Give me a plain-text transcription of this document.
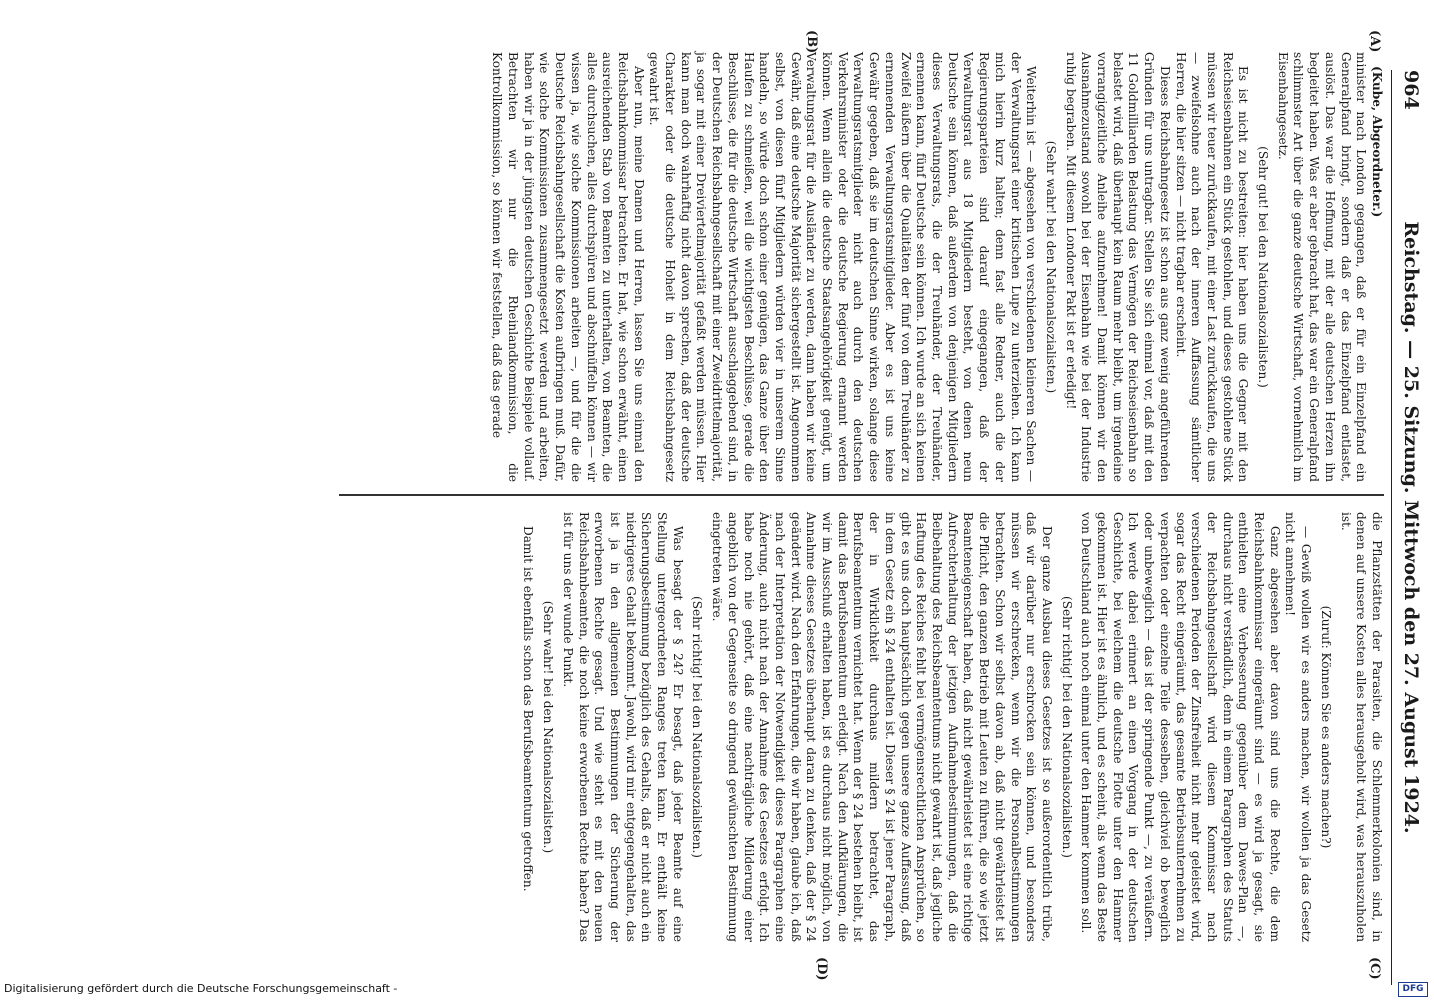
964
Reichstag. — 25. Sitzung. Mittwoch den 27. August 1924.
(A)
(B)
(C)
(D)

(Kube, Abgeordneter.)

minister nach London gegangen, daß er für ein Einzelpfand ein Generalpfand bringt, sondern daß er das Einzelpfand entlastet, auslöst. Das war die Hoffnung, mit der alle deutschen Herzen ihn begleitet haben. Was er aber gebracht hat, das war ein Generalpfand schlimmster Art über die ganze deutsche Wirtschaft, vornehmlich im Eisenbahngesetz.

(Sehr gut! bei den Nationalsozialisten.)

Es ist nicht zu bestreiten: hier haben uns die Gegner mit den Reichseisenbahnen ein Stück gestohlen, und dieses gestohlene Stück müssen wir teuer zurückkaufen, mit einer Last zurückkaufen, die uns — zweifelsohne auch nach der inneren Auffassung sämtlicher Herren, die hier sitzen — nicht tragbar erscheint.

Dieses Reichsbahngesetz ist schon aus ganz wenig angeführenden Gründen für uns untragbar. Stellen Sie sich einmal vor, daß mit den 11 Goldmilliarden Belastung das Vermögen der Reichseisenbahn so belastet wird, daß überhaupt kein Raum mehr bleibt, um irgendeine vorrangigzeitliche Anleihe aufzunehmen! Damit können wir den Ausnahmezustand sowohl bei der Eisenbahn wie bei der Industrie ruhig begraben. Mit diesem Londoner Pakt ist er erledigt!

(Sehr wahr! bei den Nationalsozialisten.)

Weiterhin ist — abgesehen von verschiedenen kleineren Sachen — der Verwaltungsrat einer kritischen Lupe zu unterziehen. Ich kann mich hierin kurz halten; denn fast alle Redner, auch die der Regierungsparteien sind darauf eingegangen, daß der Verwaltungsrat aus 18 Mitgliedern besteht, von denen neun Deutsche sein können, daß außerdem von denjenigen Mitgliedern dieses Verwaltungsrats, die der Treuhänder, der Treuhänder, ernennen kann, fünf Deutsche sein können. Ich wurde an sich keinen Zweifel äußern über die Qualitäten der fünf von dem Treuhänder zu ernennenden Verwaltungsratsmitglieder. Aber es ist uns keine Gewähr gegeben, daß sie im deutschen Sinne wirken, solange diese Verwaltungsratsmitglieder nicht auch durch den deutschen Verkehrsminister oder die deutsche Regierung ernannt werden können. Wenn allein die deutsche Staatsangehörigkeit genügt, um Verwaltungsrat für die Ausländer zu werden, dann haben wir keine Gewähr, daß eine deutsche Majorität sichergestellt ist. Angenommen selbst, von diesen fünf Mitgliedern würden vier in unserem Sinne handeln, so würde doch schon einer genügen, das Ganze über den Haufen zu schmeißen, weil die wichtigsten Beschlüsse, gerade die Beschlüsse, die für die deutsche Wirtschaft ausschlaggebend sind, in der Deutschen Reichsbahngesellschaft mit einer Zweidrittelmajorität, ja sogar mit einer Dreiviertelmajorität gefaßt werden müssen. Hier kann man doch wahrhaftig nicht davon sprechen, daß der deutsche Charakter oder die deutsche Hoheit in dem Reichsbahngesetz gewahrt ist.

Aber nun, meine Damen und Herren, lassen Sie uns einmal den Reichsbahnkommissar betrachten. Er hat, wie schon erwähnt, einen ausreichenden Stab von Beamten zu unterhalten, von Beamten, die alles durchsuchen, alles durchspüren und abschnüffeln können — wir wissen ja, wie solche Kommissionen arbeiten —, und für die die Deutsche Reichsbahngesellschaft die Kosten aufbringen muß. Dafür, wie solche Kommissionen zusammengesetzt werden und arbeiten, haben wir ja in der jüngsten deutschen Geschichte Beispiele vollauf. Betrachten wir nur die Rheinlandkommission, die Kontrollkommission, so können wir feststellen, daß das gerade

die Pflanzstätten der Parasiten, die Schlemmerkolonien sind, in denen auf unsere Kosten alles herausgeholt wird, was herauszuholen ist.

(Zuruf: Können Sie es anders machen?)

— Gewiß wollen wir es anders machen, wir wollen ja das Gesetz nicht annehmen!

Ganz abgesehen aber davon sind uns die Rechte, die dem Reichsbahnkommissar eingeräumt sind — es wird ja gesagt, sie enthielten eine Verbesserung gegenüber dem Dawes-Plan —, durchaus nicht verständlich, denn in einem Paragraphen des Statuts der Reichsbahngesellschaft wird diesem Kommissar nach verschiedenen Perioden der Zinsfreiheit nicht mehr geleistet wird, sogar das Recht eingeräumt, das gesamte Betriebsunternehmen zu verpachten oder einzelne Teile desselben, gleichviel ob beweglich oder unbeweglich — das ist der springende Punkt —, zu veräußern. Ich werde dabei erinnert an einen Vorgang in der deutschen Geschichte, bei welchem die deutsche Flotte unter den Hammer gekommen ist. Hier ist es ähnlich, und es scheint, als wenn das Beste von Deutschland auch noch einmal unter den Hammer kommen soll.

(Sehr richtig! bei den Nationalsozialisten.)

Der ganze Ausbau dieses Gesetzes ist so außerordentlich trübe, daß wir darüber nur erschrocken sein können, und besonders müssen wir erschrecken, wenn wir die Personalbestimmungen betrachten. Schon wir selbst davon ab, daß nicht gewährleistet ist die Pflicht, den ganzen Betrieb mit Leuten zu führen, die so wie jetzt Beamteneigenschaft haben, daß nicht gewährleistet ist eine richtige Aufrechterhaltung der jetzigen Aufnahmebestimmungen, daß die Beibehaltung des Reichsbeamtentums nicht gewahrt ist, daß jegliche Haftung des Reiches fehlt bei vermögensrechtlichen Ansprüchen, so gibt es uns doch hauptsächlich gegen unsere ganze Auffassung, daß in dem Gesetz ein § 24 enthalten ist. Dieser § 24 ist jener Paragraph, der in Wirklichkeit durchaus mildern betrachtet, das Berufsbeamtentum vernichtet hat. Wenn der § 24 bestehen bleibt, ist damit das Berufsbeamtentum erledigt. Nach den Aufklärungen, die wir im Ausschuß erhalten haben, ist es durchaus nicht möglich, von Annahme dieses Gesetzes überhaupt daran zu denken, daß der § 24 geändert wird. Nach den Erfahrungen, die wir haben, glaube ich, daß nach der Interpretation der Notwendigkeit dieses Paragraphen eine Änderung, auch nicht nach der Annahme des Gesetzes erfolgt. Ich habe noch nie gehört, daß eine nachträgliche Milderung einer angeblich von der Gegenseite so dringend gewünschten Bestimmung eingetreten wäre.

(Sehr richtig! bei den Nationalsozialisten.)

Was besagt der § 24? Er besagt, daß jeder Beamte auf eine Stellung untergeordneten Ranges treten kann. Er enthält keine Sicherungsbestimmung bezüglich des Gehalts, daß er nicht auch ein niedrigeres Gehalt bekommt. Jawohl, wird mir entgegengehalten, das ist ja in den allgemeinen Bestimmungen der Sicherung der erworbenen Rechte gesagt. Und wie steht es mit den neuen Reichsbahnbeamten, die noch keine erworbenen Rechte haben? Das ist für uns der wunde Punkt.

(Sehr wahr! bei den Nationalsozialisten.)

Damit ist ebenfalls schon das Berufsbeamtentum getroffen.

Digitalisierung gefördert durch die Deutsche Forschungsgemeinschaft -	DFG
